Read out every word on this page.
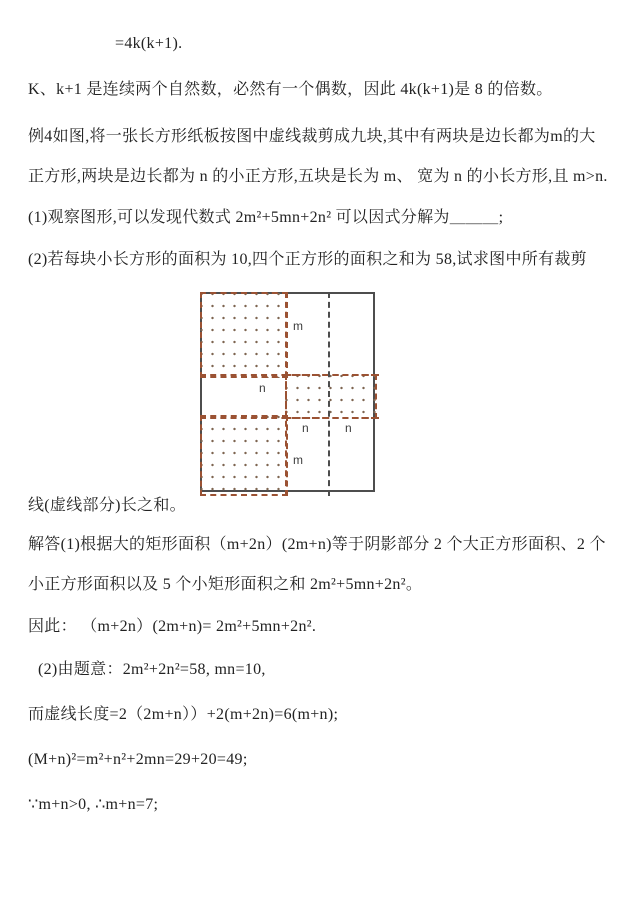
=4k(k+1).

K、k+1 是连续两个自然数，必然有一个偶数，因此 4k(k+1)是 8 的倍数。

例4如图,将一张长方形纸板按图中虚线裁剪成九块,其中有两块是边长都为m的大

正方形,两块是边长都为 n 的小正方形,五块是长为 m、 宽为 n 的小长方形,且 m>n.

(1)观察图形,可以发现代数式 2m²+5mn+2n² 可以因式分解为＿＿＿;

(2)若每块小长方形的面积为 10,四个正方形的面积之和为 58,试求图中所有裁剪

m
n
n	n
m

线(虚线部分)长之和。

解答(1)根据大的矩形面积（m+2n）(2m+n)等于阴影部分 2 个大正方形面积、2 个

小正方形面积以及 5 个小矩形面积之和 2m²+5mn+2n²。

因此： （m+2n）(2m+n)= 2m²+5mn+2n².

(2)由题意：2m²+2n²=58, mn=10,

而虚线长度=2（2m+n））+2(m+2n)=6(m+n);

(M+n)²=m²+n²+2mn=29+20=49;

∵m+n>0, ∴m+n=7;
